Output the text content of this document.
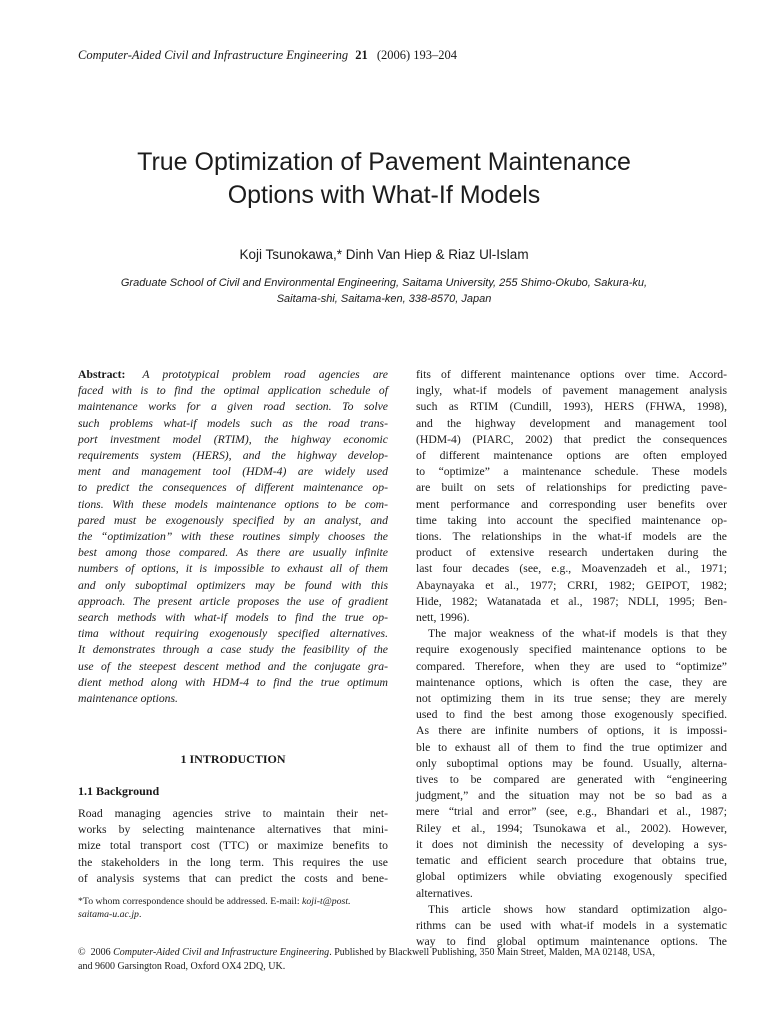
Computer-Aided Civil and Infrastructure Engineering 21 (2006) 193–204
True Optimization of Pavement Maintenance
Options with What-If Models
Koji Tsunokawa,* Dinh Van Hiep & Riaz Ul-Islam
Graduate School of Civil and Environmental Engineering, Saitama University, 255 Shimo-Okubo, Sakura-ku,
Saitama-shi, Saitama-ken, 338-8570, Japan
Abstract: A prototypical problem road agencies are
faced with is to find the optimal application schedule of
maintenance works for a given road section. To solve
such problems what-if models such as the road trans-
port investment model (RTIM), the highway economic
requirements system (HERS), and the highway develop-
ment and management tool (HDM-4) are widely used
to predict the consequences of different maintenance op-
tions. With these models maintenance options to be com-
pared must be exogenously specified by an analyst, and
the “optimization” with these routines simply chooses the
best among those compared. As there are usually infinite
numbers of options, it is impossible to exhaust all of them
and only suboptimal optimizers may be found with this
approach. The present article proposes the use of gradient
search methods with what-if models to find the true op-
tima without requiring exogenously specified alternatives.
It demonstrates through a case study the feasibility of the
use of the steepest descent method and the conjugate gra-
dient method along with HDM-4 to find the true optimum
maintenance options.
1 INTRODUCTION
1.1 Background
Road managing agencies strive to maintain their net-
works by selecting maintenance alternatives that mini-
mize total transport cost (TTC) or maximize benefits to
the stakeholders in the long term. This requires the use
of analysis systems that can predict the costs and bene-
*To whom correspondence should be addressed. E-mail: koji-t@post.
saitama-u.ac.jp.
fits of different maintenance options over time. Accord-
ingly, what-if models of pavement management analysis
such as RTIM (Cundill, 1993), HERS (FHWA, 1998),
and the highway development and management tool
(HDM-4) (PIARC, 2002) that predict the consequences
of different maintenance options are often employed
to “optimize” a maintenance schedule. These models
are built on sets of relationships for predicting pave-
ment performance and corresponding user benefits over
time taking into account the specified maintenance op-
tions. The relationships in the what-if models are the
product of extensive research undertaken during the
last four decades (see, e.g., Moavenzadeh et al., 1971;
Abaynayaka et al., 1977; CRRI, 1982; GEIPOT, 1982;
Hide, 1982; Watanatada et al., 1987; NDLI, 1995; Ben-
nett, 1996).
The major weakness of the what-if models is that they
require exogenously specified maintenance options to be
compared. Therefore, when they are used to “optimize”
maintenance options, which is often the case, they are
not optimizing them in its true sense; they are merely
used to find the best among those exogenously specified.
As there are infinite numbers of options, it is impossi-
ble to exhaust all of them to find the true optimizer and
only suboptimal options may be found. Usually, alterna-
tives to be compared are generated with “engineering
judgment,” and the situation may not be so bad as a
mere “trial and error” (see, e.g., Bhandari et al., 1987;
Riley et al., 1994; Tsunokawa et al., 2002). However,
it does not diminish the necessity of developing a sys-
tematic and efficient search procedure that obtains true,
global optimizers while obviating exogenously specified
alternatives.
This article shows how standard optimization algo-
rithms can be used with what-if models in a systematic
way to find global optimum maintenance options. The
© 2006 Computer-Aided Civil and Infrastructure Engineering. Published by Blackwell Publishing, 350 Main Street, Malden, MA 02148, USA,
and 9600 Garsington Road, Oxford OX4 2DQ, UK.
